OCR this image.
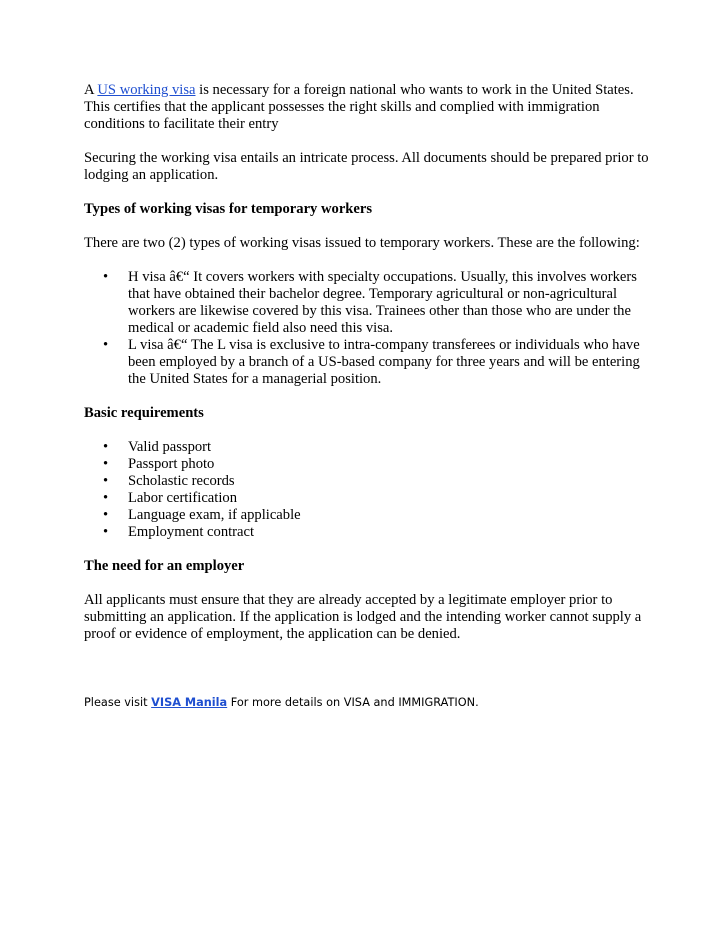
A US working visa is necessary for a foreign national who wants to work in the United States. This certifies that the applicant possesses the right skills and complied with immigration conditions to facilitate their entry

Securing the working visa entails an intricate process. All documents should be prepared prior to lodging an application.

Types of working visas for temporary workers

There are two (2) types of working visas issued to temporary workers. These are the following:

• H visa â€“ It covers workers with specialty occupations. Usually, this involves workers that have obtained their bachelor degree. Temporary agricultural or non-agricultural workers are likewise covered by this visa. Trainees other than those who are under the medical or academic field also need this visa.
• L visa â€“ The L visa is exclusive to intra-company transferees or individuals who have been employed by a branch of a US-based company for three years and will be entering the United States for a managerial position.

Basic requirements

• Valid passport
• Passport photo
• Scholastic records
• Labor certification
• Language exam, if applicable
• Employment contract

The need for an employer

All applicants must ensure that they are already accepted by a legitimate employer prior to submitting an application. If the application is lodged and the intending worker cannot supply a proof or evidence of employment, the application can be denied.

Please visit VISA Manila For more details on VISA and IMMIGRATION.
